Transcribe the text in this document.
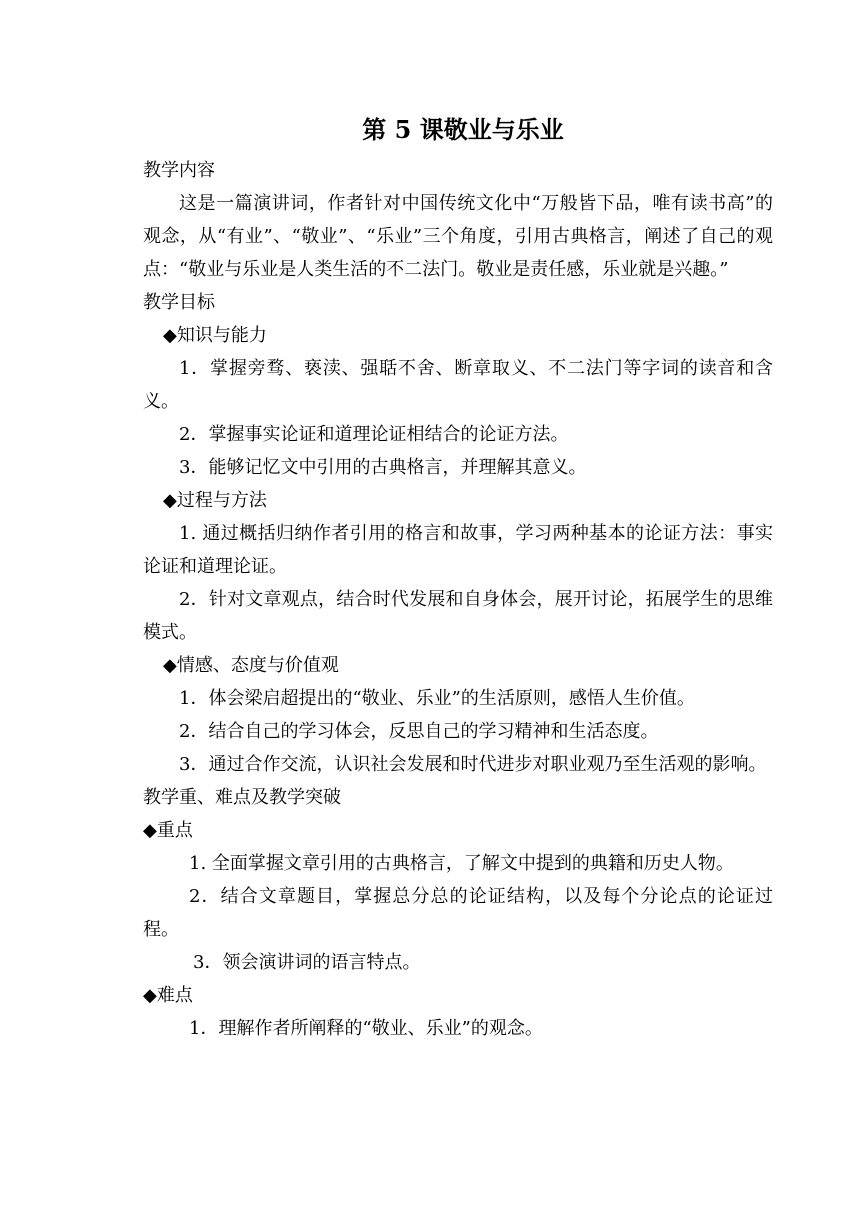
第 5 课敬业与乐业

教学内容

这是一篇演讲词，作者针对中国传统文化中“万般皆下品，唯有读书高”的观念，从“有业”、“敬业”、“乐业”三个角度，引用古典格言，阐述了自己的观点：“敬业与乐业是人类生活的不二法门。敬业是责任感，乐业就是兴趣。”

教学目标

◆知识与能力

1．掌握旁骛、亵渎、强聒不舍、断章取义、不二法门等字词的读音和含义。

2．掌握事实论证和道理论证相结合的论证方法。

3．能够记忆文中引用的古典格言，并理解其意义。

◆过程与方法

1. 通过概括归纳作者引用的格言和故事，学习两种基本的论证方法：事实论证和道理论证。

2．针对文章观点，结合时代发展和自身体会，展开讨论，拓展学生的思维模式。

◆情感、态度与价值观

1．体会梁启超提出的“敬业、乐业”的生活原则，感悟人生价值。

2．结合自己的学习体会，反思自己的学习精神和生活态度。

3．通过合作交流，认识社会发展和时代进步对职业观乃至生活观的影响。

教学重、难点及教学突破

◆重点

1. 全面掌握文章引用的古典格言，了解文中提到的典籍和历史人物。

2．结合文章题目，掌握总分总的论证结构，以及每个分论点的论证过程。

3．领会演讲词的语言特点。

◆难点

1．理解作者所阐释的“敬业、乐业”的观念。
